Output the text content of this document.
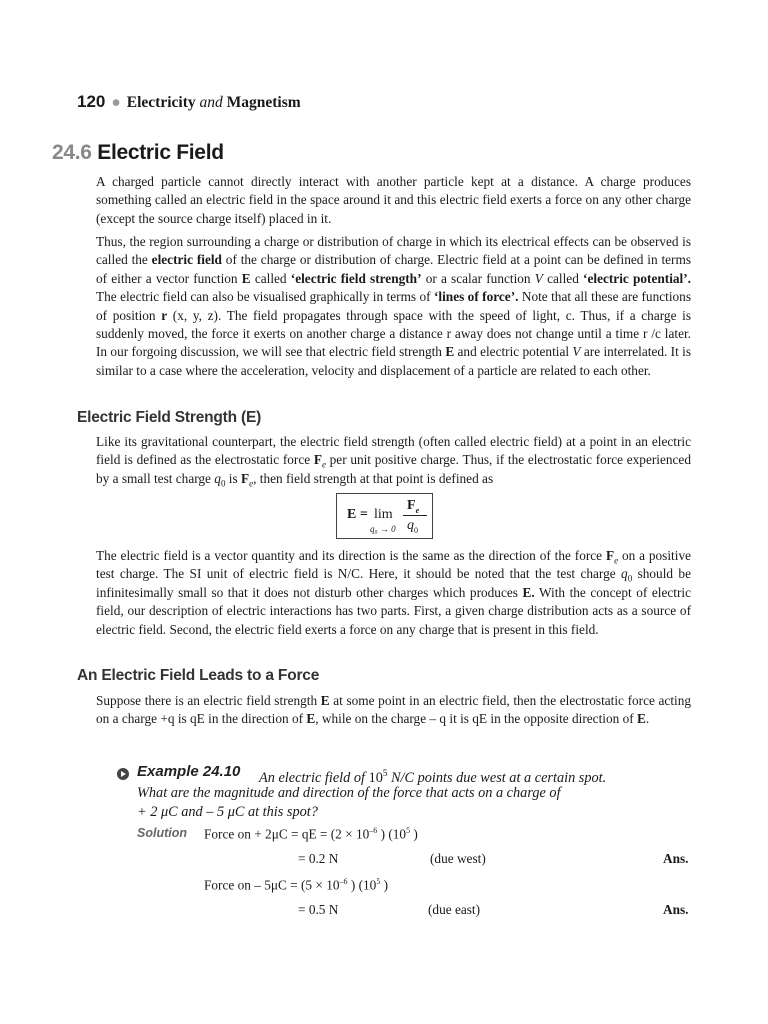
120 ● Electricity and Magnetism
24.6 Electric Field
A charged particle cannot directly interact with another particle kept at a distance. A charge produces something called an electric field in the space around it and this electric field exerts a force on any other charge (except the source charge itself) placed in it.
Thus, the region surrounding a charge or distribution of charge in which its electrical effects can be observed is called the electric field of the charge or distribution of charge. Electric field at a point can be defined in terms of either a vector function E called ‘electric field strength’ or a scalar function V called ‘electric potential’. The electric field can also be visualised graphically in terms of ‘lines of force’. Note that all these are functions of position r (x, y, z). The field propagates through space with the speed of light, c. Thus, if a charge is suddenly moved, the force it exerts on another charge a distance r away does not change until a time r /c later. In our forgoing discussion, we will see that electric field strength E and electric potential V are interrelated. It is similar to a case where the acceleration, velocity and displacement of a particle are related to each other.
Electric Field Strength (E)
Like its gravitational counterpart, the electric field strength (often called electric field) at a point in an electric field is defined as the electrostatic force $F_e$ per unit positive charge. Thus, if the electrostatic force experienced by a small test charge $q_0$ is $F_e$, then field strength at that point is defined as
E = lim
q₀ → 0
$F_e$
$q_0$
The electric field is a vector quantity and its direction is the same as the direction of the force $F_e$ on a positive test charge. The SI unit of electric field is N/C. Here, it should be noted that the test charge $q_0$ should be infinitesimally small so that it does not disturb other charges which produces E. With the concept of electric field, our description of electric interactions has two parts. First, a given charge distribution acts as a source of electric field. Second, the electric field exerts a force on any charge that is present in this field.
An Electric Field Leads to a Force
Suppose there is an electric field strength E at some point in an electric field, then the electrostatic force acting on a charge +q is qE in the direction of E, while on the charge – q it is qE in the opposite direction of E.
Example 24.10 An electric field of $10^5$ N/C points due west at a certain spot.
What are the magnitude and direction of the force that acts on a charge of
+ 2 μC and – 5 μC at this spot?
Solution Force on + 2μC = qE = ($2 \times 10^{-6}$ ) ($10^5$ )
= 0.2 N	(due west)	Ans.
Force on – $5\mu C = (5 \times 10^{-6}$ ) ($10^5$ )
= 0.5 N	(due east)	Ans.
